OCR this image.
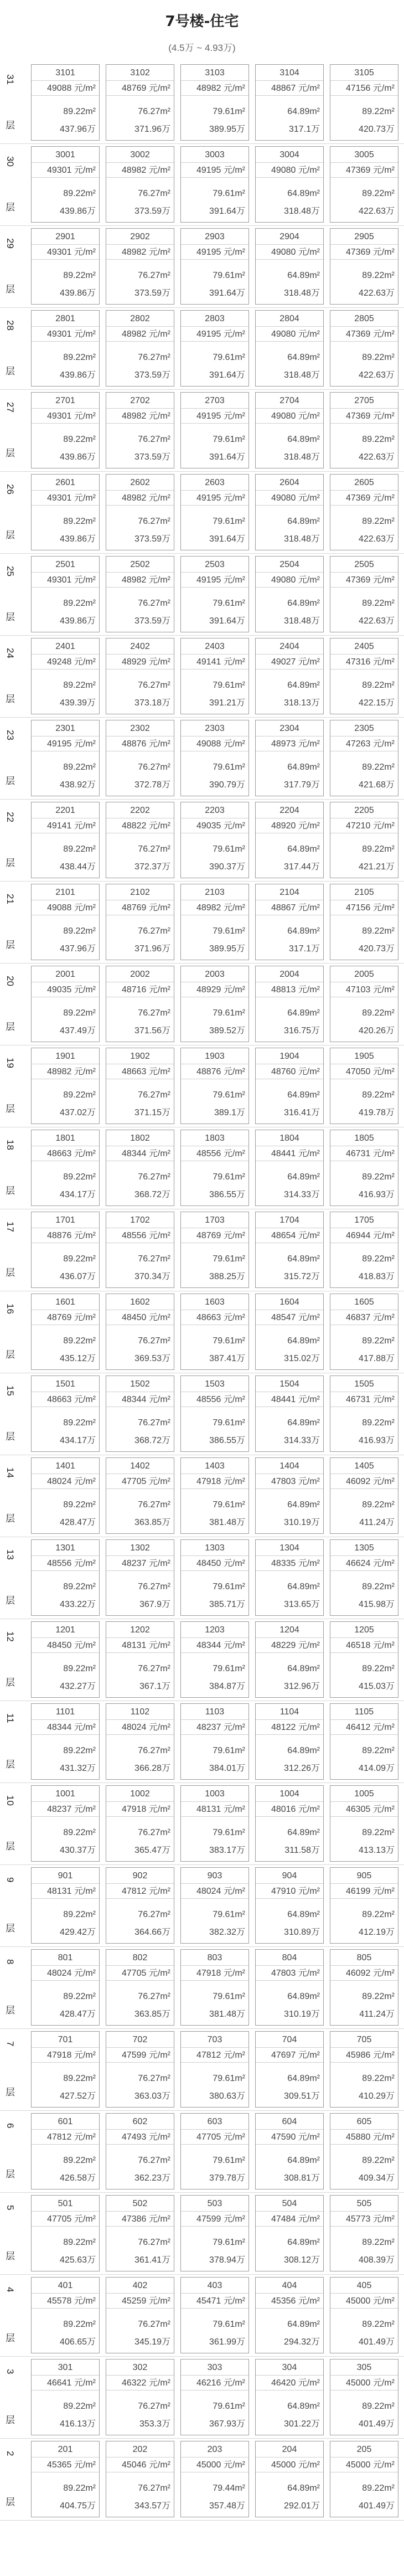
7号楼-住宅
(4.5万 ~ 4.93万)
31
层
3101
49088 元/m²
89.22m²
437.96万
3102
48769 元/m²
76.27m²
371.96万
3103
48982 元/m²
79.61m²
389.95万
3104
48867 元/m²
64.89m²
317.1万
3105
47156 元/m²
89.22m²
420.73万
30
层
3001
49301 元/m²
89.22m²
439.86万
3002
48982 元/m²
76.27m²
373.59万
3003
49195 元/m²
79.61m²
391.64万
3004
49080 元/m²
64.89m²
318.48万
3005
47369 元/m²
89.22m²
422.63万
29
层
2901
49301 元/m²
89.22m²
439.86万
2902
48982 元/m²
76.27m²
373.59万
2903
49195 元/m²
79.61m²
391.64万
2904
49080 元/m²
64.89m²
318.48万
2905
47369 元/m²
89.22m²
422.63万
28
层
2801
49301 元/m²
89.22m²
439.86万
2802
48982 元/m²
76.27m²
373.59万
2803
49195 元/m²
79.61m²
391.64万
2804
49080 元/m²
64.89m²
318.48万
2805
47369 元/m²
89.22m²
422.63万
27
层
2701
49301 元/m²
89.22m²
439.86万
2702
48982 元/m²
76.27m²
373.59万
2703
49195 元/m²
79.61m²
391.64万
2704
49080 元/m²
64.89m²
318.48万
2705
47369 元/m²
89.22m²
422.63万
26
层
2601
49301 元/m²
89.22m²
439.86万
2602
48982 元/m²
76.27m²
373.59万
2603
49195 元/m²
79.61m²
391.64万
2604
49080 元/m²
64.89m²
318.48万
2605
47369 元/m²
89.22m²
422.63万
25
层
2501
49301 元/m²
89.22m²
439.86万
2502
48982 元/m²
76.27m²
373.59万
2503
49195 元/m²
79.61m²
391.64万
2504
49080 元/m²
64.89m²
318.48万
2505
47369 元/m²
89.22m²
422.63万
24
层
2401
49248 元/m²
89.22m²
439.39万
2402
48929 元/m²
76.27m²
373.18万
2403
49141 元/m²
79.61m²
391.21万
2404
49027 元/m²
64.89m²
318.13万
2405
47316 元/m²
89.22m²
422.15万
23
层
2301
49195 元/m²
89.22m²
438.92万
2302
48876 元/m²
76.27m²
372.78万
2303
49088 元/m²
79.61m²
390.79万
2304
48973 元/m²
64.89m²
317.79万
2305
47263 元/m²
89.22m²
421.68万
22
层
2201
49141 元/m²
89.22m²
438.44万
2202
48822 元/m²
76.27m²
372.37万
2203
49035 元/m²
79.61m²
390.37万
2204
48920 元/m²
64.89m²
317.44万
2205
47210 元/m²
89.22m²
421.21万
21
层
2101
49088 元/m²
89.22m²
437.96万
2102
48769 元/m²
76.27m²
371.96万
2103
48982 元/m²
79.61m²
389.95万
2104
48867 元/m²
64.89m²
317.1万
2105
47156 元/m²
89.22m²
420.73万
20
层
2001
49035 元/m²
89.22m²
437.49万
2002
48716 元/m²
76.27m²
371.56万
2003
48929 元/m²
79.61m²
389.52万
2004
48813 元/m²
64.89m²
316.75万
2005
47103 元/m²
89.22m²
420.26万
19
层
1901
48982 元/m²
89.22m²
437.02万
1902
48663 元/m²
76.27m²
371.15万
1903
48876 元/m²
79.61m²
389.1万
1904
48760 元/m²
64.89m²
316.41万
1905
47050 元/m²
89.22m²
419.78万
18
层
1801
48663 元/m²
89.22m²
434.17万
1802
48344 元/m²
76.27m²
368.72万
1803
48556 元/m²
79.61m²
386.55万
1804
48441 元/m²
64.89m²
314.33万
1805
46731 元/m²
89.22m²
416.93万
17
层
1701
48876 元/m²
89.22m²
436.07万
1702
48556 元/m²
76.27m²
370.34万
1703
48769 元/m²
79.61m²
388.25万
1704
48654 元/m²
64.89m²
315.72万
1705
46944 元/m²
89.22m²
418.83万
16
层
1601
48769 元/m²
89.22m²
435.12万
1602
48450 元/m²
76.27m²
369.53万
1603
48663 元/m²
79.61m²
387.41万
1604
48547 元/m²
64.89m²
315.02万
1605
46837 元/m²
89.22m²
417.88万
15
层
1501
48663 元/m²
89.22m²
434.17万
1502
48344 元/m²
76.27m²
368.72万
1503
48556 元/m²
79.61m²
386.55万
1504
48441 元/m²
64.89m²
314.33万
1505
46731 元/m²
89.22m²
416.93万
14
层
1401
48024 元/m²
89.22m²
428.47万
1402
47705 元/m²
76.27m²
363.85万
1403
47918 元/m²
79.61m²
381.48万
1404
47803 元/m²
64.89m²
310.19万
1405
46092 元/m²
89.22m²
411.24万
13
层
1301
48556 元/m²
89.22m²
433.22万
1302
48237 元/m²
76.27m²
367.9万
1303
48450 元/m²
79.61m²
385.71万
1304
48335 元/m²
64.89m²
313.65万
1305
46624 元/m²
89.22m²
415.98万
12
层
1201
48450 元/m²
89.22m²
432.27万
1202
48131 元/m²
76.27m²
367.1万
1203
48344 元/m²
79.61m²
384.87万
1204
48229 元/m²
64.89m²
312.96万
1205
46518 元/m²
89.22m²
415.03万
11
层
1101
48344 元/m²
89.22m²
431.32万
1102
48024 元/m²
76.27m²
366.28万
1103
48237 元/m²
79.61m²
384.01万
1104
48122 元/m²
64.89m²
312.26万
1105
46412 元/m²
89.22m²
414.09万
10
层
1001
48237 元/m²
89.22m²
430.37万
1002
47918 元/m²
76.27m²
365.47万
1003
48131 元/m²
79.61m²
383.17万
1004
48016 元/m²
64.89m²
311.58万
1005
46305 元/m²
89.22m²
413.13万
9
层
901
48131 元/m²
89.22m²
429.42万
902
47812 元/m²
76.27m²
364.66万
903
48024 元/m²
79.61m²
382.32万
904
47910 元/m²
64.89m²
310.89万
905
46199 元/m²
89.22m²
412.19万
8
层
801
48024 元/m²
89.22m²
428.47万
802
47705 元/m²
76.27m²
363.85万
803
47918 元/m²
79.61m²
381.48万
804
47803 元/m²
64.89m²
310.19万
805
46092 元/m²
89.22m²
411.24万
7
层
701
47918 元/m²
89.22m²
427.52万
702
47599 元/m²
76.27m²
363.03万
703
47812 元/m²
79.61m²
380.63万
704
47697 元/m²
64.89m²
309.51万
705
45986 元/m²
89.22m²
410.29万
6
层
601
47812 元/m²
89.22m²
426.58万
602
47493 元/m²
76.27m²
362.23万
603
47705 元/m²
79.61m²
379.78万
604
47590 元/m²
64.89m²
308.81万
605
45880 元/m²
89.22m²
409.34万
5
层
501
47705 元/m²
89.22m²
425.63万
502
47386 元/m²
76.27m²
361.41万
503
47599 元/m²
79.61m²
378.94万
504
47484 元/m²
64.89m²
308.12万
505
45773 元/m²
89.22m²
408.39万
4
层
401
45578 元/m²
89.22m²
406.65万
402
45259 元/m²
76.27m²
345.19万
403
45471 元/m²
79.61m²
361.99万
404
45356 元/m²
64.89m²
294.32万
405
45000 元/m²
89.22m²
401.49万
3
层
301
46641 元/m²
89.22m²
416.13万
302
46322 元/m²
76.27m²
353.3万
303
46216 元/m²
79.61m²
367.93万
304
46420 元/m²
64.89m²
301.22万
305
45000 元/m²
89.22m²
401.49万
2
层
201
45365 元/m²
89.22m²
404.75万
202
45046 元/m²
76.27m²
343.57万
203
45000 元/m²
79.44m²
357.48万
204
45000 元/m²
64.89m²
292.01万
205
45000 元/m²
89.22m²
401.49万
